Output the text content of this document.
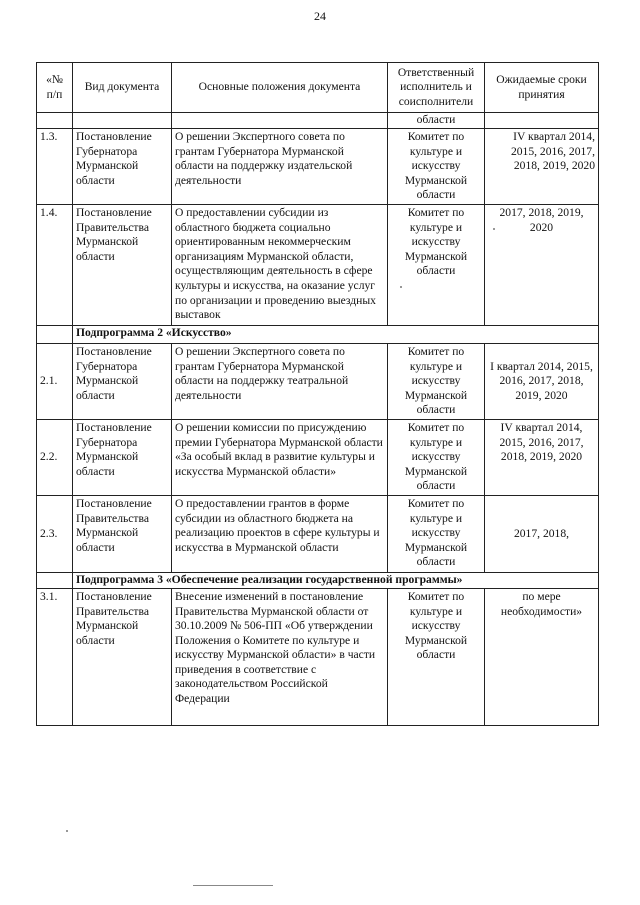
24
«№ п/п	Вид документа	Основные положения документа	Ответственный исполнитель и соисполнители	Ожидаемые сроки принятия
			области	
1.3.	Постановление Губернатора Мурманской области	О решении Экспертного совета по грантам Губернатора Мурманской области на поддержку издательской деятельности	Комитет по культуре и искусству Мурманской области	IV квартал 2014, 2015, 2016, 2017, 2018, 2019, 2020
1.4.	Постановление Правительства Мурманской области	О предоставлении субсидии из областного бюджета социально ориентированным некоммерческим организациям Мурманской области, осуществляющим деятельность в сфере культуры и искусства, на оказание услуг по организации и проведению выездных выставок	Комитет по культуре и искусству Мурманской области	2017, 2018, 2019, 2020
	Подпрограмма 2 «Искусство»			
2.1.	Постановление Губернатора Мурманской области	О решении Экспертного совета по грантам Губернатора Мурманской области на поддержку театральной деятельности	Комитет по культуре и искусству Мурманской области	I квартал 2014, 2015, 2016, 2017, 2018, 2019, 2020
2.2.	Постановление Губернатора Мурманской области	О решении комиссии по присуждению премии Губернатора Мурманской области «За особый вклад в развитие культуры и искусства Мурманской области»	Комитет по культуре и искусству Мурманской области	IV квартал 2014, 2015, 2016, 2017, 2018, 2019, 2020
2.3.	Постановление Правительства Мурманской области	О предоставлении грантов в форме субсидии из областного бюджета на реализацию проектов в сфере культуры и искусства в Мурманской области	Комитет по культуре и искусству Мурманской области	2017, 2018,
	Подпрограмма 3 «Обеспечение реализации государственной программы»			
3.1.	Постановление Правительства Мурманской области	Внесение изменений в постановление Правительства Мурманской области от 30.10.2009 № 506-ПП «Об утверждении Положения о Комитете по культуре и искусству Мурманской области» в части приведения в соответствие с законодательством Российской Федерации	Комитет по культуре и искусству Мурманской области	по мере необходимости»
